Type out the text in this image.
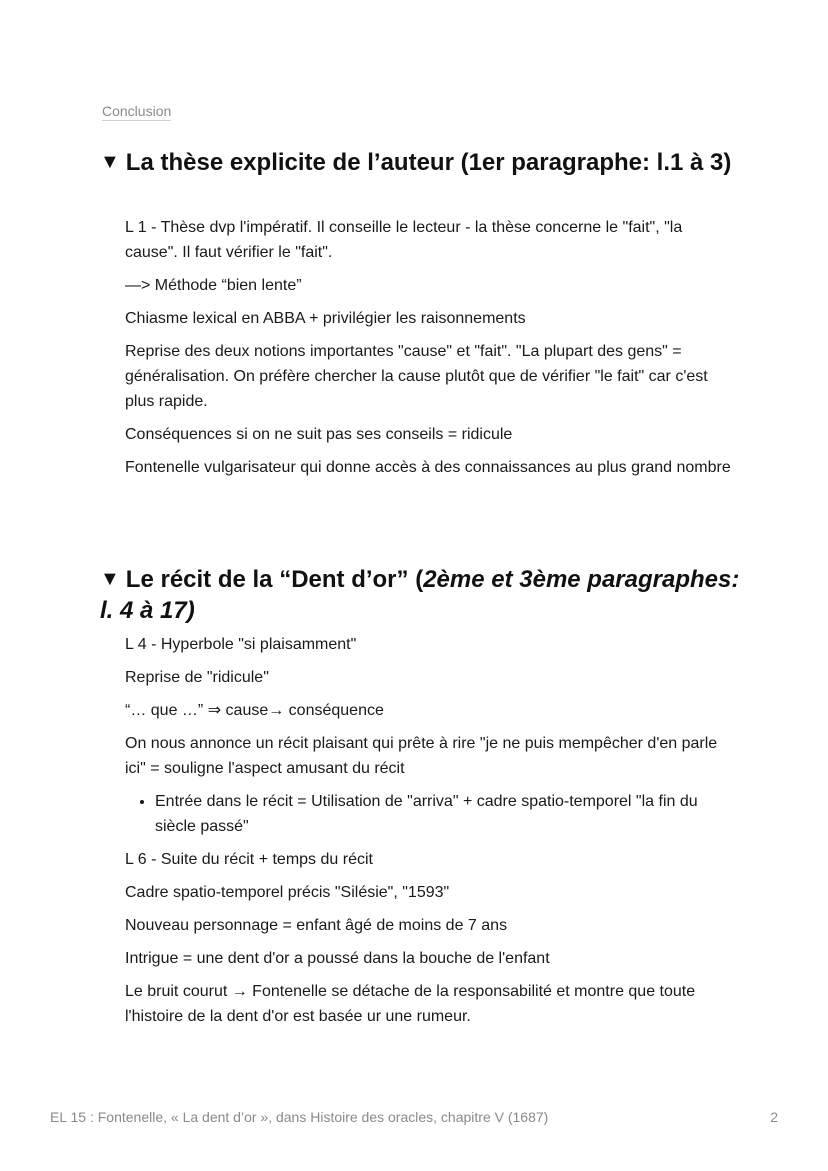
Conclusion
▼ La thèse explicite de l’auteur (1er paragraphe: l.1 à 3)

L 1 - Thèse dvp l'impératif. Il conseille le lecteur - la thèse concerne le "fait", "la cause". Il faut vérifier le "fait".

—> Méthode “bien lente”

Chiasme lexical en ABBA + privilégier les raisonnements

Reprise des deux notions importantes "cause" et "fait". "La plupart des gens" = généralisation. On préfère chercher la cause plutôt que de vérifier "le fait" car c'est plus rapide.

Conséquences si on ne suit pas ses conseils = ridicule

Fontenelle vulgarisateur qui donne accès à des connaissances au plus grand nombre

▼ Le récit de la “Dent d’or” (2ème et 3ème paragraphes: l. 4 à 17)

L 4 - Hyperbole "si plaisamment"

Reprise de "ridicule"

“… que …” ⇒ cause→ conséquence

On nous annonce un récit plaisant qui prête à rire "je ne puis mempêcher d'en parle ici" = souligne l'aspect amusant du récit

• Entrée dans le récit = Utilisation de "arriva" + cadre spatio-temporel "la fin du siècle passé"

L 6 - Suite du récit + temps du récit

Cadre spatio-temporel précis "Silésie", "1593"

Nouveau personnage = enfant âgé de moins de 7 ans

Intrigue = une dent d'or a poussé dans la bouche de l'enfant

Le bruit courut → Fontenelle se détache de la responsabilité et montre que toute l'histoire de la dent d'or est basée ur une rumeur.

EL 15 : Fontenelle, « La dent d’or », dans Histoire des oracles, chapitre V (1687)	2
